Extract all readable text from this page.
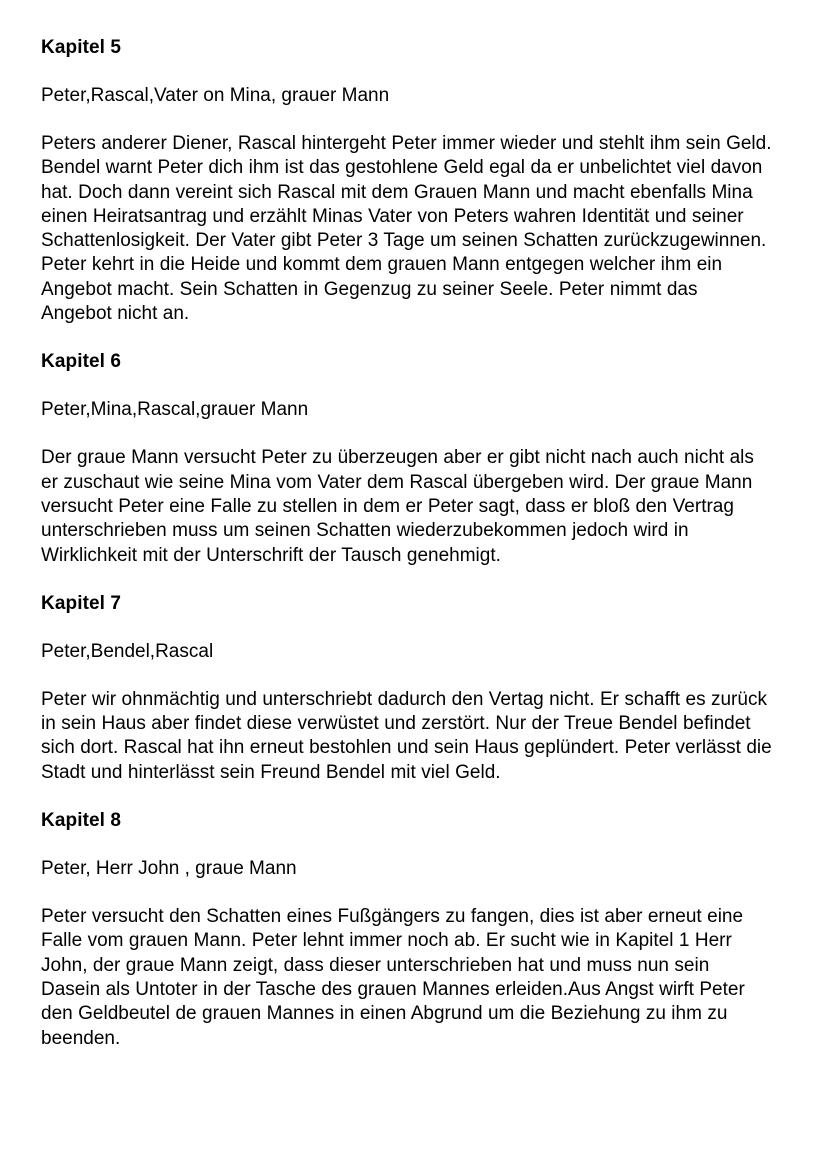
Kapitel 5

Peter,Rascal,Vater on Mina, grauer Mann

Peters anderer Diener, Rascal hintergeht Peter immer wieder und stehlt ihm sein Geld. Bendel warnt Peter dich ihm ist das gestohlene Geld egal da er unbelichtet viel davon hat. Doch dann vereint sich Rascal mit dem Grauen Mann und macht ebenfalls Mina einen Heiratsantrag und erzählt Minas Vater von Peters wahren Identität und seiner Schattenlosigkeit. Der Vater gibt Peter 3 Tage um seinen Schatten zurückzugewinnen. Peter kehrt in die Heide und kommt dem grauen Mann entgegen welcher ihm ein Angebot macht. Sein Schatten in Gegenzug zu seiner Seele. Peter nimmt das Angebot nicht an.

Kapitel 6

Peter,Mina,Rascal,grauer Mann

Der graue Mann versucht Peter zu überzeugen aber er gibt nicht nach auch nicht als er zuschaut wie seine Mina vom Vater dem Rascal übergeben wird. Der graue Mann versucht Peter eine Falle zu stellen in dem er Peter sagt, dass er bloß den Vertrag unterschrieben muss um seinen Schatten wiederzubekommen jedoch wird in Wirklichkeit mit der Unterschrift der Tausch genehmigt.

Kapitel 7

Peter,Bendel,Rascal

Peter wir ohnmächtig und unterschriebt dadurch den Vertag nicht. Er schafft es zurück in sein Haus aber findet diese verwüstet und zerstört. Nur der Treue Bendel befindet sich dort. Rascal hat ihn erneut bestohlen und sein Haus geplündert. Peter verlässt die Stadt und hinterlässt sein Freund Bendel mit viel Geld.

Kapitel 8

Peter, Herr John , graue Mann

Peter versucht den Schatten eines Fußgängers zu fangen, dies ist aber erneut eine Falle vom grauen Mann. Peter lehnt immer noch ab. Er sucht wie in Kapitel 1 Herr John, der graue Mann zeigt, dass dieser unterschrieben hat und muss nun sein Dasein als Untoter in der Tasche des grauen Mannes erleiden.Aus Angst wirft Peter den Geldbeutel de grauen Mannes in einen Abgrund um die Beziehung zu ihm zu beenden.
